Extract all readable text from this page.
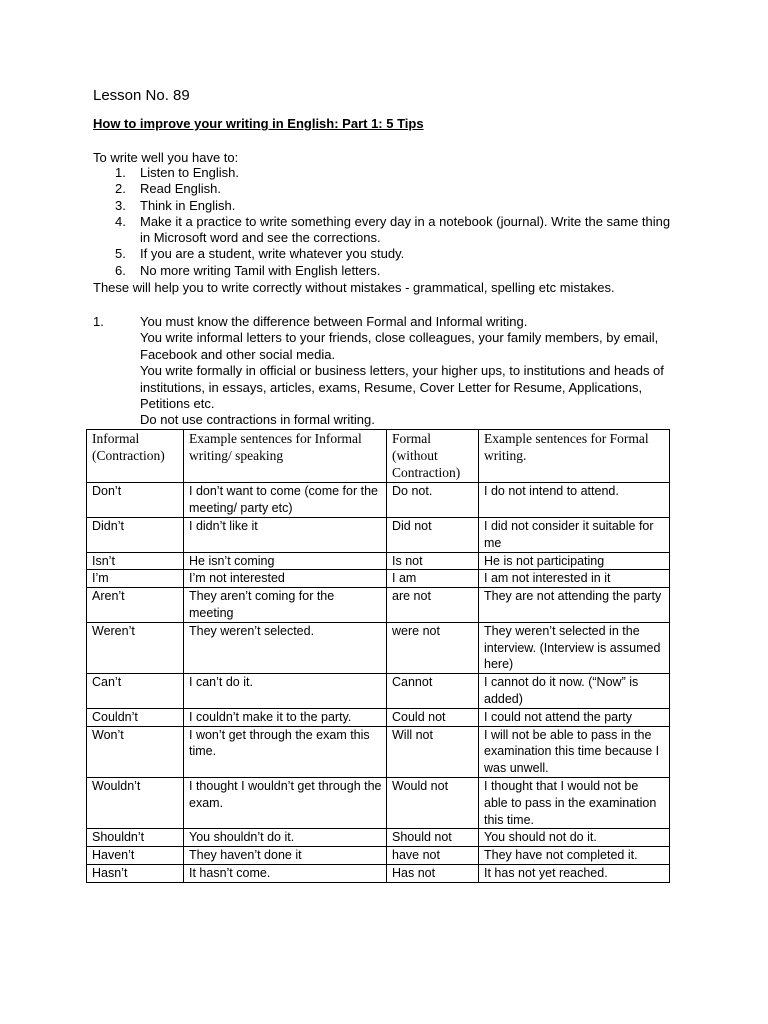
Lesson No. 89
How to improve your writing in English: Part 1: 5 Tips
To write well you have to:
1. Listen to English.
2. Read English.
3. Think in English.
4. Make it a practice to write something every day in a notebook (journal). Write the same thing in Microsoft word and see the corrections.
5. If you are a student, write whatever you study.
6. No more writing Tamil with English letters.
These will help you to write correctly without mistakes - grammatical, spelling etc mistakes.
1.	You must know the difference between Formal and Informal writing.
You write informal letters to your friends, close colleagues, your family members, by email, Facebook and other social media.
You write formally in official or business letters, your higher ups, to institutions and heads of institutions, in essays, articles, exams, Resume, Cover Letter for Resume, Applications, Petitions etc.
Do not use contractions in formal writing.
Informal (Contraction)	Example sentences for Informal writing/ speaking	Formal (without Contraction)	Example sentences for Formal writing.
Don’t	I don’t want to come (come for the meeting/ party etc)	Do not.	I do not intend to attend.
Didn’t	I didn’t like it	Did not	I did not consider it suitable for me
Isn’t	He isn’t coming	Is not	He is not participating
I’m	I’m not interested	I am	I am not interested in it
Aren’t	They aren’t coming for the meeting	are not	They are not attending the party
Weren’t	They weren’t selected.	were not	They weren’t selected in the interview. (Interview is assumed here)
Can’t	I can’t do it.	Cannot	I cannot do it now. (“Now” is added)
Couldn’t	I couldn’t make it to the party.	Could not	I could not attend the party
Won’t	I won’t get through the exam this time.	Will not	I will not be able to pass in the examination this time because I was unwell.
Wouldn’t	I thought I wouldn’t get through the exam.	Would not	I thought that I would not be able to pass in the examination this time.
Shouldn’t	You shouldn’t do it.	Should not	You should not do it.
Haven’t	They haven’t done it	have not	They have not completed it.
Hasn’t	It hasn’t come.	Has not	It has not yet reached.
